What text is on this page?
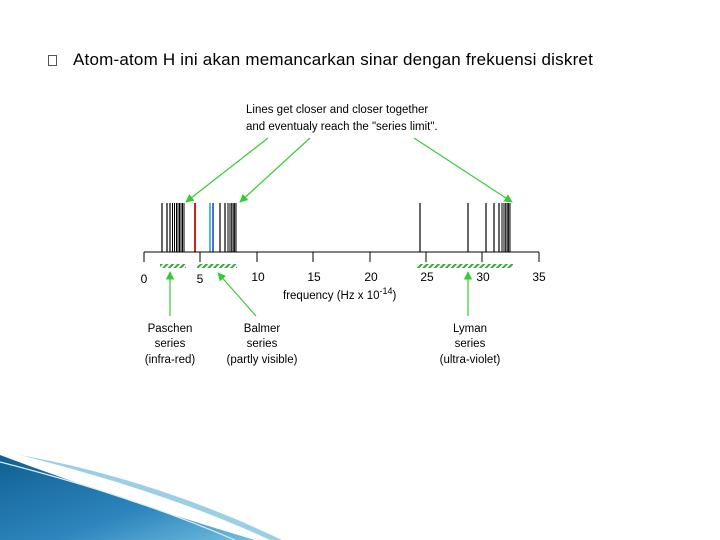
Atom-atom H ini akan memancarkan sinar dengan frekuensi diskret
Lines get closer and closer together
and eventualy reach the "series limit".
0	5	10	15	20	25	30	35
frequency (Hz x $10^{-14}$)
Paschen
series
(infra-red)
Balmer
series
(partly visible)
Lyman
series
(ultra-violet)
